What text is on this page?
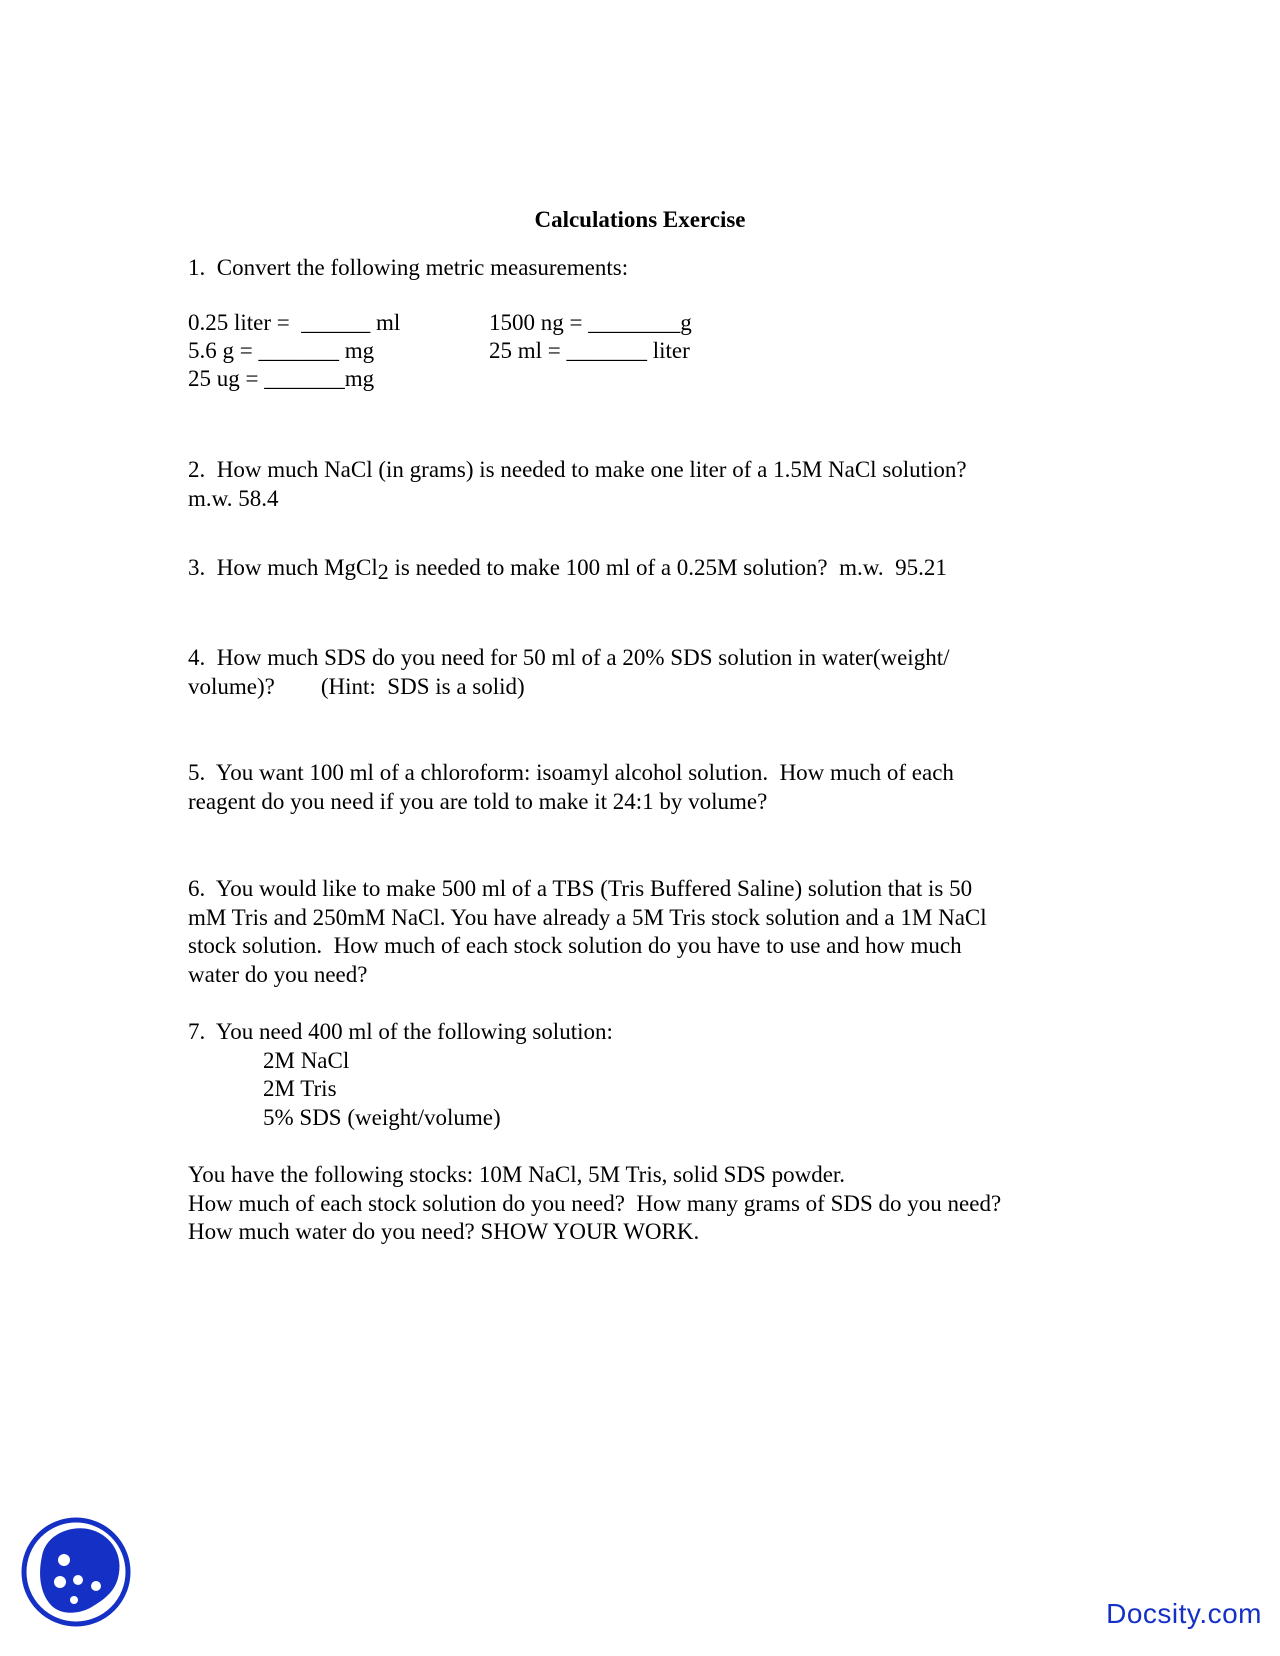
Calculations Exercise
1.  Convert the following metric measurements:
0.25 liter =  ______ ml
5.6 g = _______ mg
25 ug = _______mg
1500 ng = ________g
25 ml = _______ liter
2.  How much NaCl (in grams) is needed to make one liter of a 1.5M NaCl solution?
m.w. 58.4
3.  How much MgCl$_2$ is needed to make 100 ml of a 0.25M solution?  m.w.  95.21
4.  How much SDS do you need for 50 ml of a 20% SDS solution in water(weight/
volume)?        (Hint:  SDS is a solid)
5.  You want 100 ml of a chloroform: isoamyl alcohol solution.  How much of each
reagent do you need if you are told to make it 24:1 by volume?
6.  You would like to make 500 ml of a TBS (Tris Buffered Saline) solution that is 50
mM Tris and 250mM NaCl. You have already a 5M Tris stock solution and a 1M NaCl
stock solution.  How much of each stock solution do you have to use and how much
water do you need?
7.  You need 400 ml of the following solution:
2M NaCl
2M Tris
5% SDS (weight/volume)
You have the following stocks: 10M NaCl, 5M Tris, solid SDS powder.
How much of each stock solution do you need?  How many grams of SDS do you need?
How much water do you need? SHOW YOUR WORK.
Docsity.com
